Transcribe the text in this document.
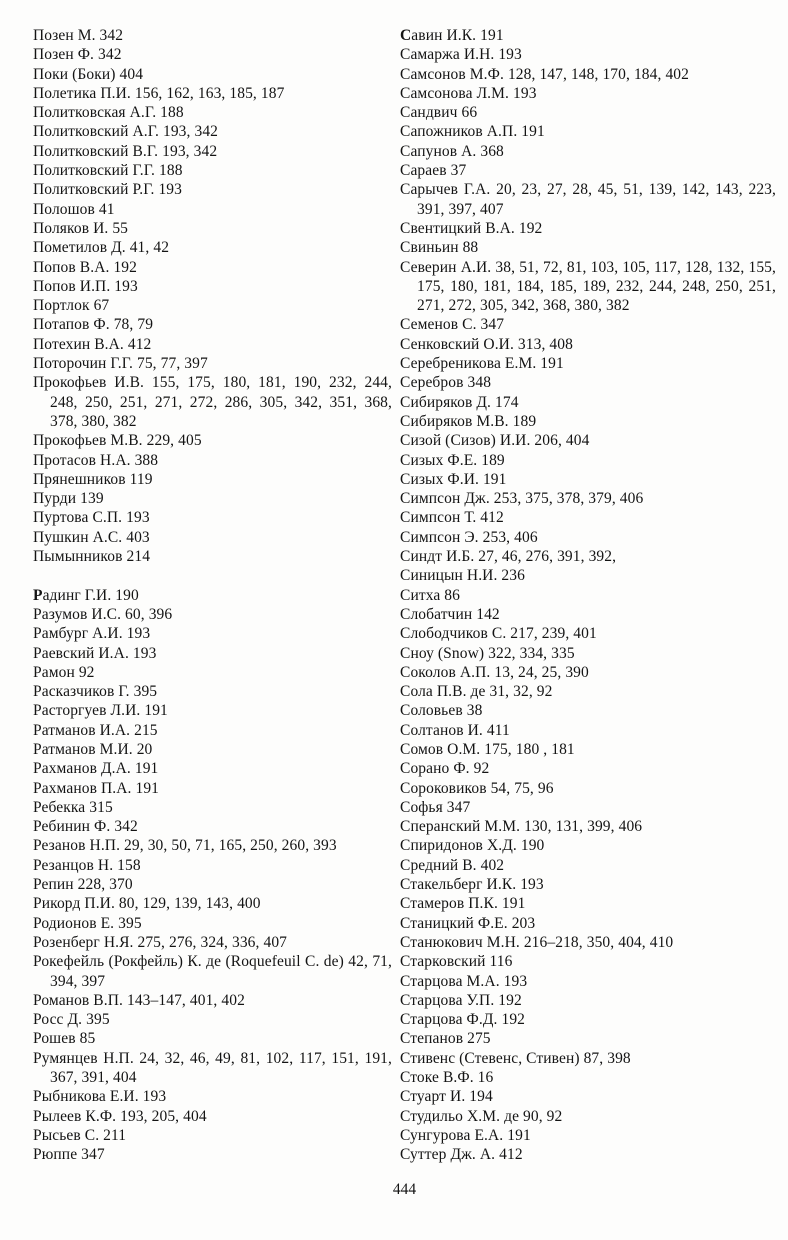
Позен М. 342
Позен Ф. 342
Поки (Боки) 404
Полетика П.И. 156, 162, 163, 185, 187
Политковская А.Г. 188
Политковский А.Г. 193, 342
Политковский В.Г. 193, 342
Политковский Г.Г. 188
Политковский Р.Г. 193
Полошов 41
Поляков И. 55
Пометилов Д. 41, 42
Попов В.А. 192
Попов И.П. 193
Портлок 67
Потапов Ф. 78, 79
Потехин В.А. 412
Поторочин Г.Г. 75, 77, 397
Прокофьев И.В. 155, 175, 180, 181, 190, 232, 244, 248, 250, 251, 271, 272, 286, 305, 342, 351, 368, 378, 380, 382
Прокофьев М.В. 229, 405
Протасов Н.А. 388
Прянешников 119
Пурди 139
Пуртова С.П. 193
Пушкин А.С. 403
Пымынников 214
Радинг Г.И. 190
Разумов И.С. 60, 396
Рамбург А.И. 193
Раевский И.А. 193
Рамон 92
Расказчиков Г. 395
Расторгуев Л.И. 191
Ратманов И.А. 215
Ратманов М.И. 20
Рахманов Д.А. 191
Рахманов П.А. 191
Ребекка 315
Ребинин Ф. 342
Резанов Н.П. 29, 30, 50, 71, 165, 250, 260, 393
Резанцов Н. 158
Репин 228, 370
Рикорд П.И. 80, 129, 139, 143, 400
Родионов Е. 395
Розенберг Н.Я. 275, 276, 324, 336, 407
Рокефейль (Рокфейль) К. де (Roquefeuil С. de) 42, 71, 394, 397
Романов В.П. 143–147, 401, 402
Росс Д. 395
Рошев 85
Румянцев Н.П. 24, 32, 46, 49, 81, 102, 117, 151, 191, 367, 391, 404
Рыбникова Е.И. 193
Рылеев К.Ф. 193, 205, 404
Рысьев С. 211
Рюппе 347
Савин И.К. 191
Самаржа И.Н. 193
Самсонов М.Ф. 128, 147, 148, 170, 184, 402
Самсонова Л.М. 193
Сандвич 66
Сапожников А.П. 191
Сапунов А. 368
Сараев 37
Сарычев Г.А. 20, 23, 27, 28, 45, 51, 139, 142, 143, 223, 391, 397, 407
Свентицкий В.А. 192
Свиньин 88
Северин А.И. 38, 51, 72, 81, 103, 105, 117, 128, 132, 155, 175, 180, 181, 184, 185, 189, 232, 244, 248, 250, 251, 271, 272, 305, 342, 368, 380, 382
Семенов С. 347
Сенковский О.И. 313, 408
Серебреникова Е.М. 191
Серебров 348
Сибиряков Д. 174
Сибиряков М.В. 189
Сизой (Сизов) И.И. 206, 404
Сизых Ф.Е. 189
Сизых Ф.И. 191
Симпсон Дж. 253, 375, 378, 379, 406
Симпсон Т. 412
Симпсон Э. 253, 406
Синдт И.Б. 27, 46, 276, 391, 392,
Синицын Н.И. 236
Ситха 86
Слобатчин 142
Слободчиков С. 217, 239, 401
Сноу (Snow) 322, 334, 335
Соколов А.П. 13, 24, 25, 390
Сола П.В. де 31, 32, 92
Соловьев 38
Солтанов И. 411
Сомов О.М. 175, 180 , 181
Сорано Ф. 92
Сороковиков 54, 75, 96
Софья 347
Сперанский М.М. 130, 131, 399, 406
Спиридонов Х.Д. 190
Средний В. 402
Стакельберг И.К. 193
Стамеров П.К. 191
Станицкий Ф.Е. 203
Станюкович М.Н. 216–218, 350, 404, 410
Старковский 116
Старцова М.А. 193
Старцова У.П. 192
Старцова Ф.Д. 192
Степанов 275
Стивенс (Стевенс, Стивен) 87, 398
Стоке В.Ф. 16
Стуарт И. 194
Студильо Х.М. де 90, 92
Сунгурова Е.А. 191
Суттер Дж. А. 412
444
